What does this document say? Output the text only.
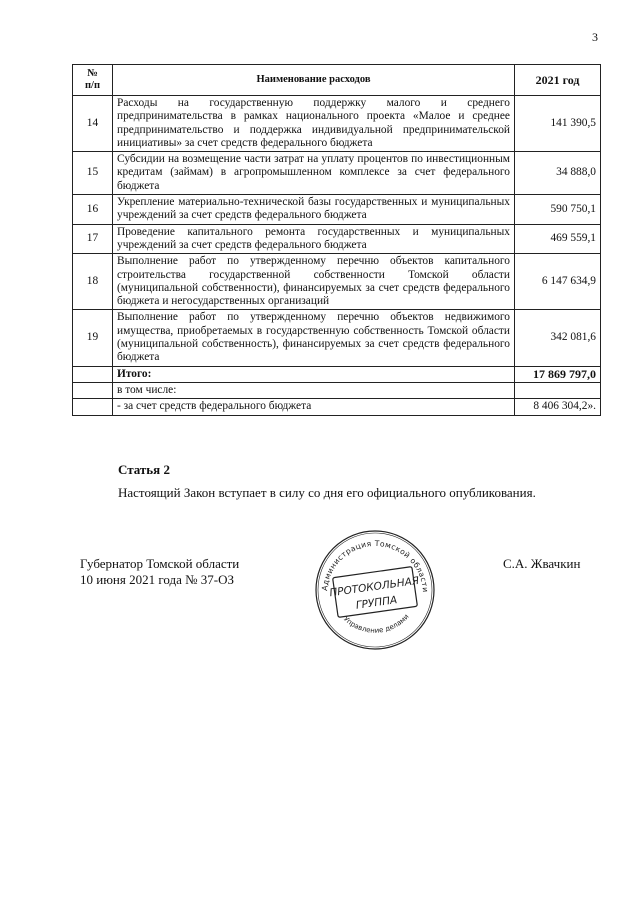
3
№
п/п	Наименование расходов	2021 год
14	Расходы на государственную поддержку малого и среднего предпринимательства в рамках национального проекта «Малое и среднее предпринимательство и поддержка индивидуальной предпринимательской инициативы» за счет средств федерального бюджета	141 390,5
15	Субсидии на возмещение части затрат на уплату процентов по инвестиционным кредитам (займам) в агропромышленном комплексе за счет федерального бюджета	34 888,0
16	Укрепление материально-технической базы государственных и муниципальных учреждений за счет средств федерального бюджета	590 750,1
17	Проведение капитального ремонта государственных и муниципальных учреждений за счет средств федерального бюджета	469 559,1
18	Выполнение работ по утвержденному перечню объектов капитального строительства государственной собственности Томской области (муниципальной собственности), финансируемых за счет средств федерального бюджета и негосударственных организаций	6 147 634,9
19	Выполнение работ по утвержденному перечню объектов недвижимого имущества, приобретаемых в государственную собственность Томской области (муниципальной собственность), финансируемых за счет средств федерального бюджета	342 081,6
	Итого:	17 869 797,0
	в том числе:	
	- за счет средств федерального бюджета	8 406 304,2».
Статья 2
Настоящий Закон вступает в силу со дня его официального опубликования.
Губернатор Томской области
10 июня 2021 года № 37-ОЗ
С.А. Жвачкин
Администрация Томской области
ПРОТОКОЛЬНАЯ
ГРУППА
Управление делами
